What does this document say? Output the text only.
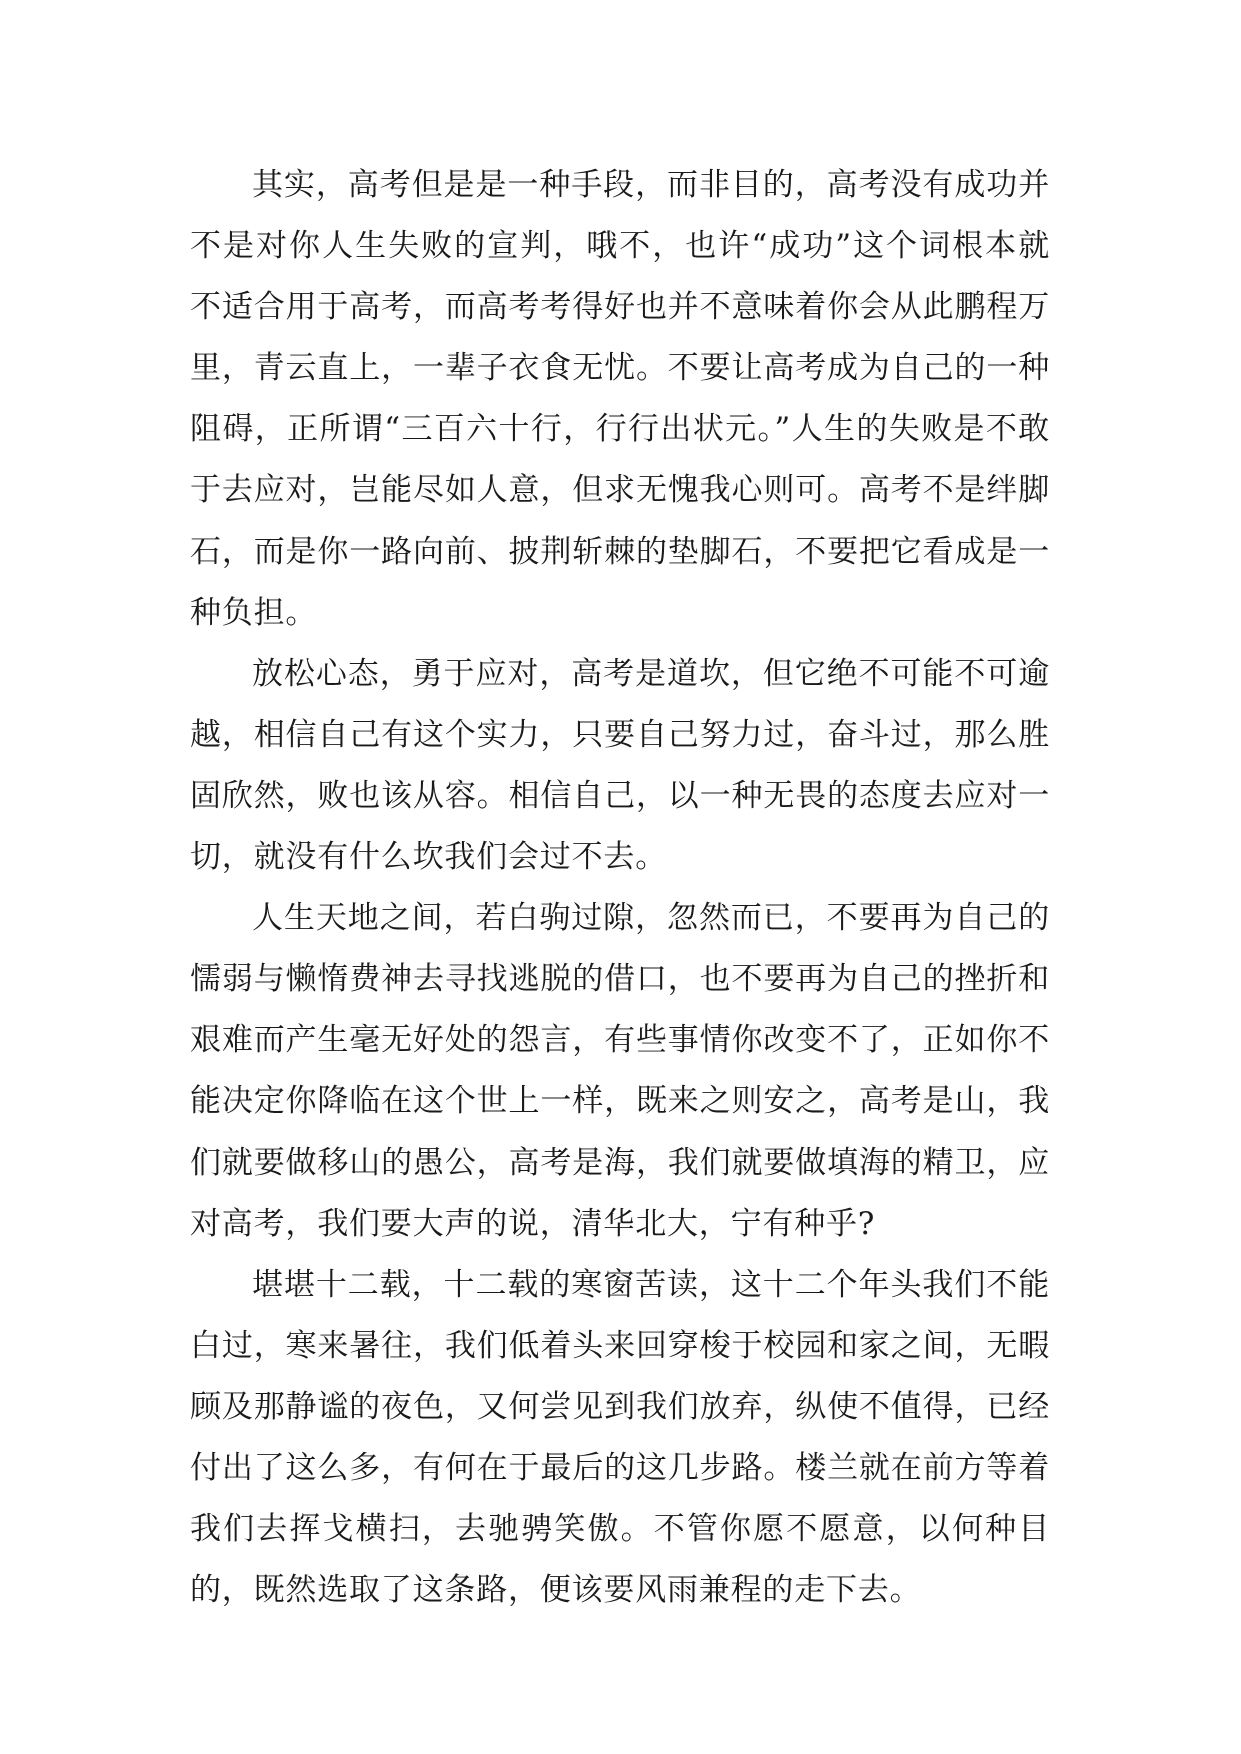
其实，高考但是是一种手段，而非目的，高考没有成功并不是对你人生失败的宣判，哦不，也许“成功”这个词根本就不适合用于高考，而高考考得好也并不意味着你会从此鹏程万里，青云直上，一辈子衣食无忧。不要让高考成为自己的一种阻碍，正所谓“三百六十行，行行出状元。”人生的失败是不敢于去应对，岂能尽如人意，但求无愧我心则可。高考不是绊脚石，而是你一路向前、披荆斩棘的垫脚石，不要把它看成是一种负担。

放松心态，勇于应对，高考是道坎，但它绝不可能不可逾越，相信自己有这个实力，只要自己努力过，奋斗过，那么胜固欣然，败也该从容。相信自己，以一种无畏的态度去应对一切，就没有什么坎我们会过不去。

人生天地之间，若白驹过隙，忽然而已，不要再为自己的懦弱与懒惰费神去寻找逃脱的借口，也不要再为自己的挫折和艰难而产生毫无好处的怨言，有些事情你改变不了，正如你不能决定你降临在这个世上一样，既来之则安之，高考是山，我们就要做移山的愚公，高考是海，我们就要做填海的精卫，应对高考，我们要大声的说，清华北大，宁有种乎?

堪堪十二载，十二载的寒窗苦读，这十二个年头我们不能白过，寒来暑往，我们低着头来回穿梭于校园和家之间，无暇顾及那静谧的夜色，又何尝见到我们放弃，纵使不值得，已经付出了这么多，有何在于最后的这几步路。楼兰就在前方等着我们去挥戈横扫，去驰骋笑傲。不管你愿不愿意，以何种目的，既然选取了这条路，便该要风雨兼程的走下去。
